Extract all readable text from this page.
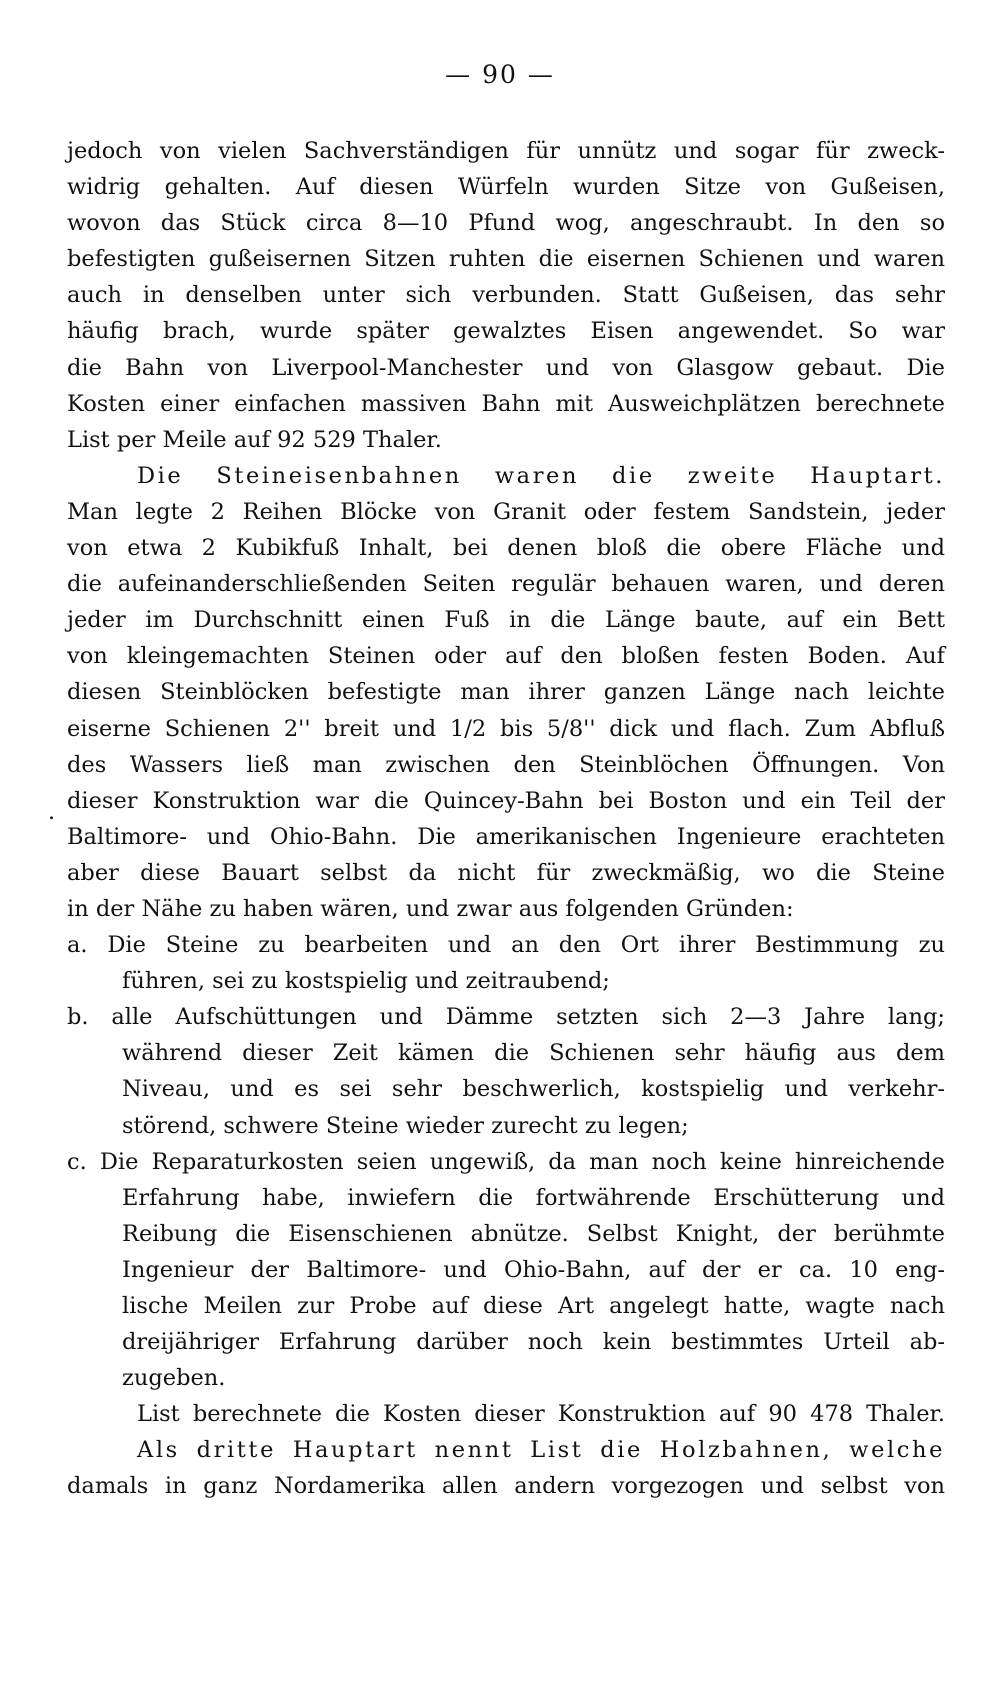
— 90 —
.
jedoch von vielen Sachverständigen für unnütz und sogar für zweck-
widrig gehalten. Auf diesen Würfeln wurden Sitze von Gußeisen,
wovon das Stück circa 8—10 Pfund wog, angeschraubt. In den so
befestigten gußeisernen Sitzen ruhten die eisernen Schienen und waren
auch in denselben unter sich verbunden. Statt Gußeisen, das sehr
häufig brach, wurde später gewalztes Eisen angewendet. So war
die Bahn von Liverpool-Manchester und von Glasgow gebaut. Die
Kosten einer einfachen massiven Bahn mit Ausweichplätzen berechnete
List per Meile auf 92 529 Thaler.
Die Steineisenbahnen waren die zweite Hauptart.
Man legte 2 Reihen Blöcke von Granit oder festem Sandstein, jeder
von etwa 2 Kubikfuß Inhalt, bei denen bloß die obere Fläche und
die aufeinanderschließenden Seiten regulär behauen waren, und deren
jeder im Durchschnitt einen Fuß in die Länge baute, auf ein Bett
von kleingemachten Steinen oder auf den bloßen festen Boden. Auf
diesen Steinblöcken befestigte man ihrer ganzen Länge nach leichte
eiserne Schienen 2'' breit und 1/2 bis 5/8'' dick und flach. Zum Abfluß
des Wassers ließ man zwischen den Steinblöchen Öffnungen. Von
dieser Konstruktion war die Quincey-Bahn bei Boston und ein Teil der
Baltimore- und Ohio-Bahn. Die amerikanischen Ingenieure erachteten
aber diese Bauart selbst da nicht für zweckmäßig, wo die Steine
in der Nähe zu haben wären, und zwar aus folgenden Gründen:
a. Die Steine zu bearbeiten und an den Ort ihrer Bestimmung zu
führen, sei zu kostspielig und zeitraubend;
b. alle Aufschüttungen und Dämme setzten sich 2—3 Jahre lang;
während dieser Zeit kämen die Schienen sehr häufig aus dem
Niveau, und es sei sehr beschwerlich, kostspielig und verkehr-
störend, schwere Steine wieder zurecht zu legen;
c. Die Reparaturkosten seien ungewiß, da man noch keine hinreichende
Erfahrung habe, inwiefern die fortwährende Erschütterung und
Reibung die Eisenschienen abnütze. Selbst Knight, der berühmte
Ingenieur der Baltimore- und Ohio-Bahn, auf der er ca. 10 eng-
lische Meilen zur Probe auf diese Art angelegt hatte, wagte nach
dreijähriger Erfahrung darüber noch kein bestimmtes Urteil ab-
zugeben.
List berechnete die Kosten dieser Konstruktion auf 90 478 Thaler.
Als dritte Hauptart nennt List die Holzbahnen, welche
damals in ganz Nordamerika allen andern vorgezogen und selbst von
